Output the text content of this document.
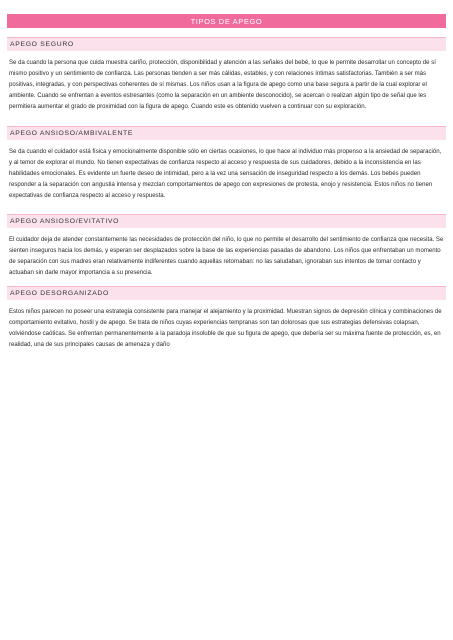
TIPOS DE APEGO
APEGO SEGURO
Se da cuando la persona que cuida muestra cariño, protección, disponibilidad y atención a las señales del bebé, lo que le permite desarrollar un concepto de sí mismo positivo y un sentimiento de confianza. Las personas tienden a ser más cálidas, estables, y con relaciones íntimas satisfactorias. También a ser más positivas, integradas, y con perspectivas coherentes de sí mismas. Los niños usan a la figura de apego como una base segura a partir de la cual explorar el ambiente. Cuando se enfrentan a eventos estresantes (como la separación en un ambiente desconocido), se acercan o realizan algún tipo de señal que les permitiera aumentar el grado de proximidad con la figura de apego. Cuando este es obtenido vuelven a continuar con su exploración.
APEGO ANSIOSO/AMBIVALENTE
Se da cuando el cuidador está física y emocionalmente disponible sólo en ciertas ocasiones, lo que hace al individuo más propenso a la ansiedad de separación, y al temor de explorar el mundo. No tienen expectativas de confianza respecto al acceso y respuesta de sus cuidadores, debido a la inconsistencia en las habilidades emocionales. Es evidente un fuerte deseo de intimidad, pero a la vez una sensación de inseguridad respecto a los demás. Los bebés pueden responder a la separación con angustia intensa y mezclan comportamientos de apego con expresiones de protesta, enojo y resistencia. Estos niños no tienen expectativas de confianza respecto al acceso y respuesta.
APEGO ANSIOSO/EVITATIVO
El cuidador deja de atender constantemente las necesidades de protección del niño, lo que no permite el desarrollo del sentimiento de confianza que necesita. Se sienten inseguros hacia los demás, y esperan ser desplazados sobre la base de las experiencias pasadas de abandono. Los niños que enfrentaban un momento de separación con sus madres eran relativamente indiferentes cuando aquellas retornaban: no las saludaban, ignoraban sus intentos de tomar contacto y actuaban sin darle mayor importancia a su presencia.
APEGO DESORGANIZADO
Estos niños parecen no poseer una estrategia consistente para manejar el alejamiento y la proximidad. Muestran signos de depresión clínica y combinaciones de comportamiento evitativo, hostil y de apego. Se trata de niños cuyas experiencias tempranas son tan dolorosas que sus estrategias defensivas colapsan, volviéndose caóticas. Se enfrentan permanentemente a la paradoja insoluble de que su figura de apego, que debería ser su máxima fuente de protección, es, en realidad, una de sus principales causas de amenaza y daño
